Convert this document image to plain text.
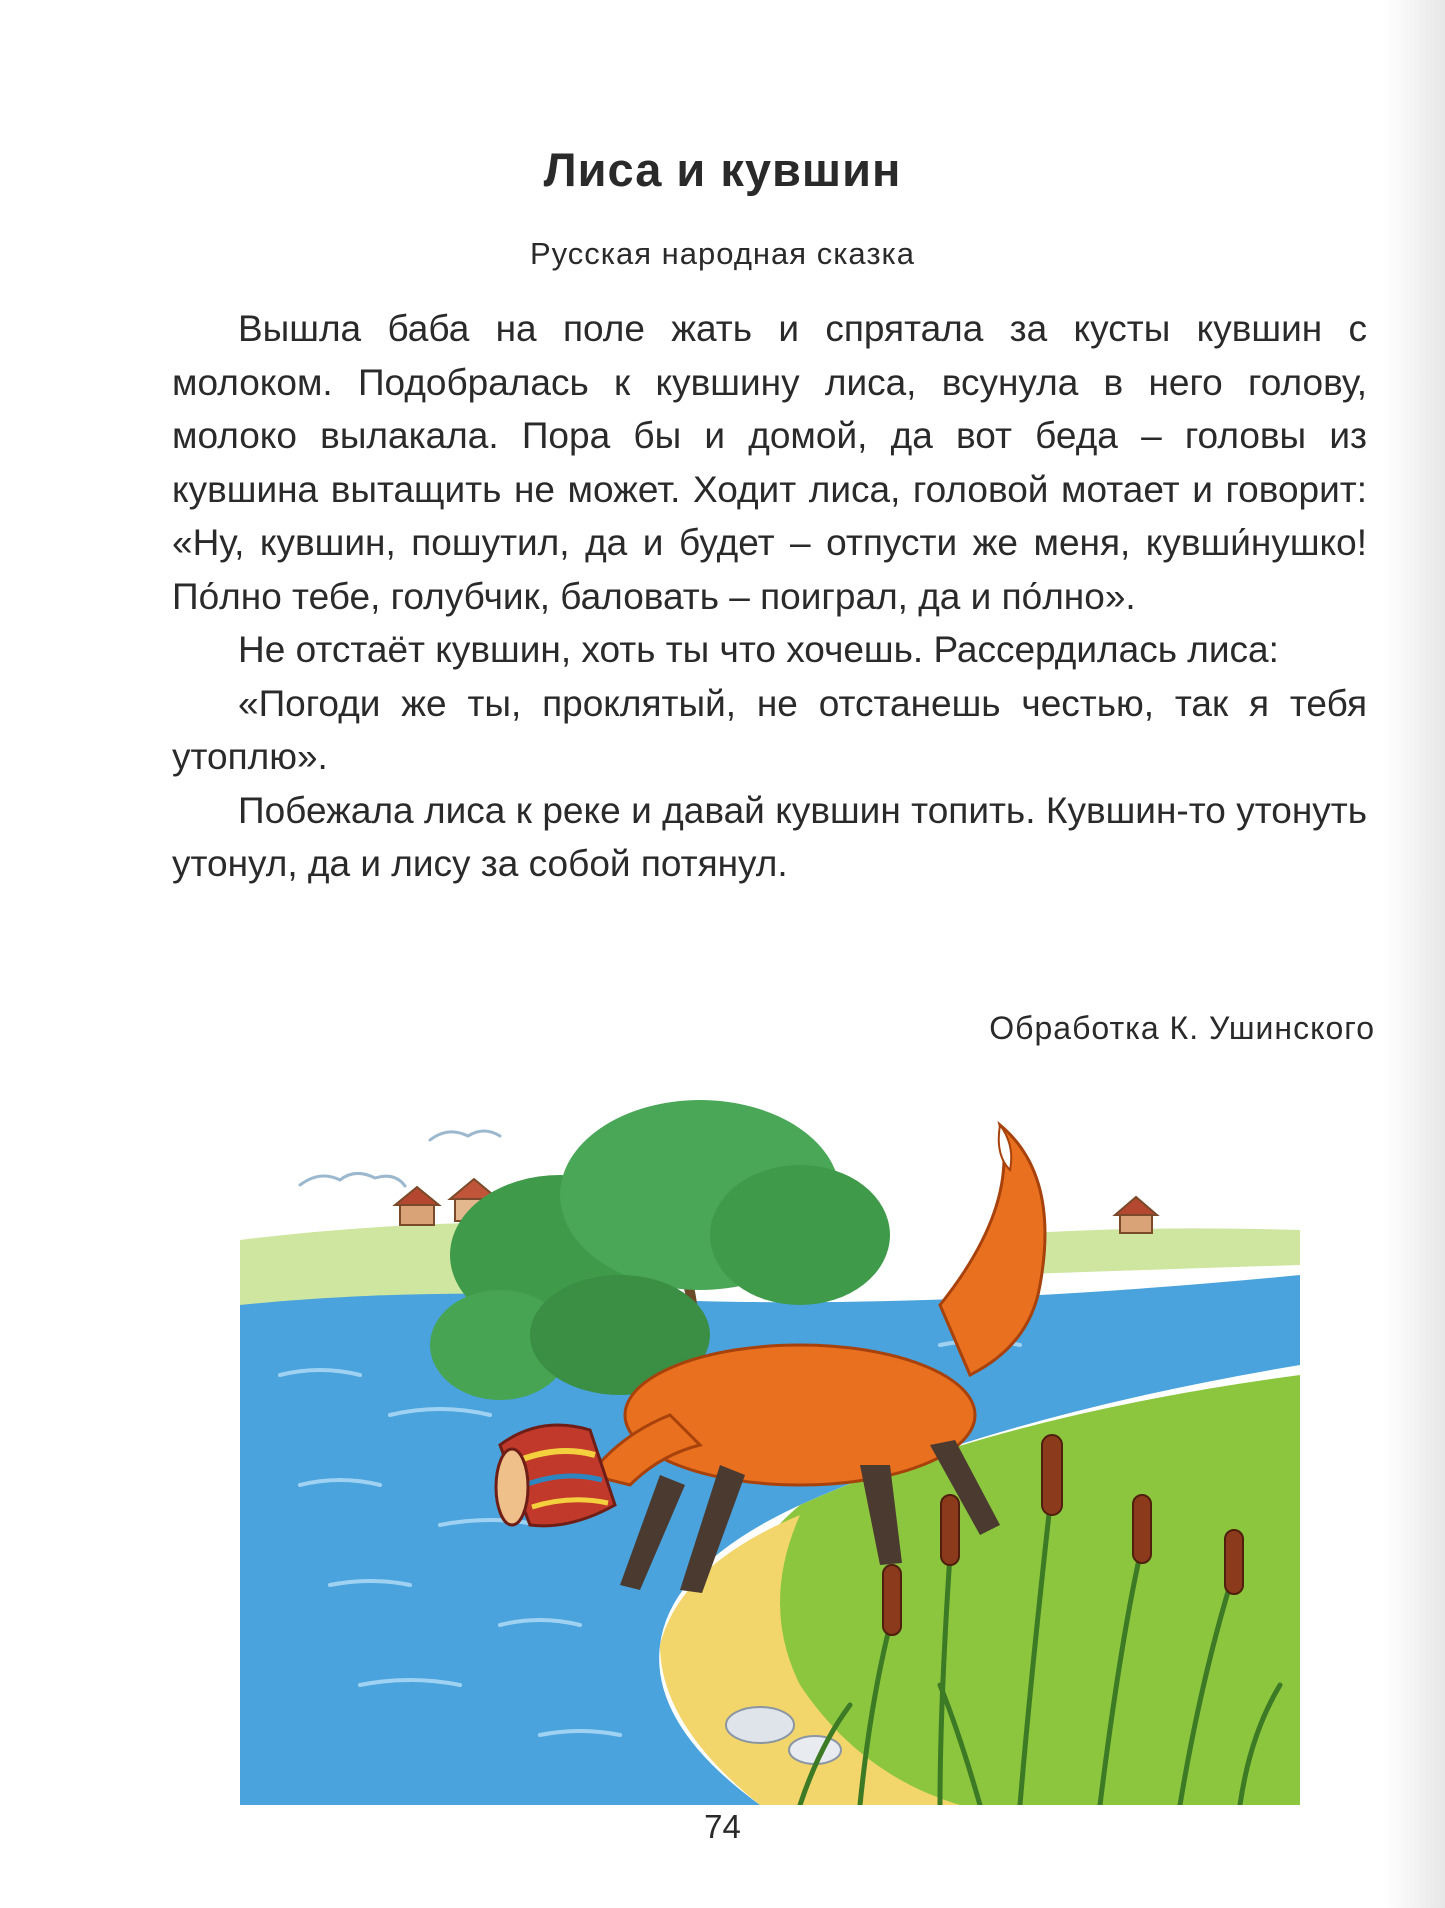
Лиса и кувшин
Русская народная сказка

Вышла баба на поле жать и спрятала за кусты кувшин с молоком. Подобралась к кувшину лиса, всунула в него голову, молоко вылакала. Пора бы и домой, да вот беда – головы из кувшина вытащить не может. Ходит лиса, головой мотает и говорит: «Ну, кувшин, пошутил, да и будет – отпусти же меня, кувши́нушко! По́лно тебе, голубчик, баловать – поиграл, да и по́лно».

Не отстаёт кувшин, хоть ты что хочешь. Рассердилась лиса:

«Погоди же ты, проклятый, не отстанешь честью, так я тебя утоплю».

Побежала лиса к реке и давай кувшин топить. Кувшин-то утонуть утонул, да и лису за собой потянул.

Обработка К. Ушинского
74
